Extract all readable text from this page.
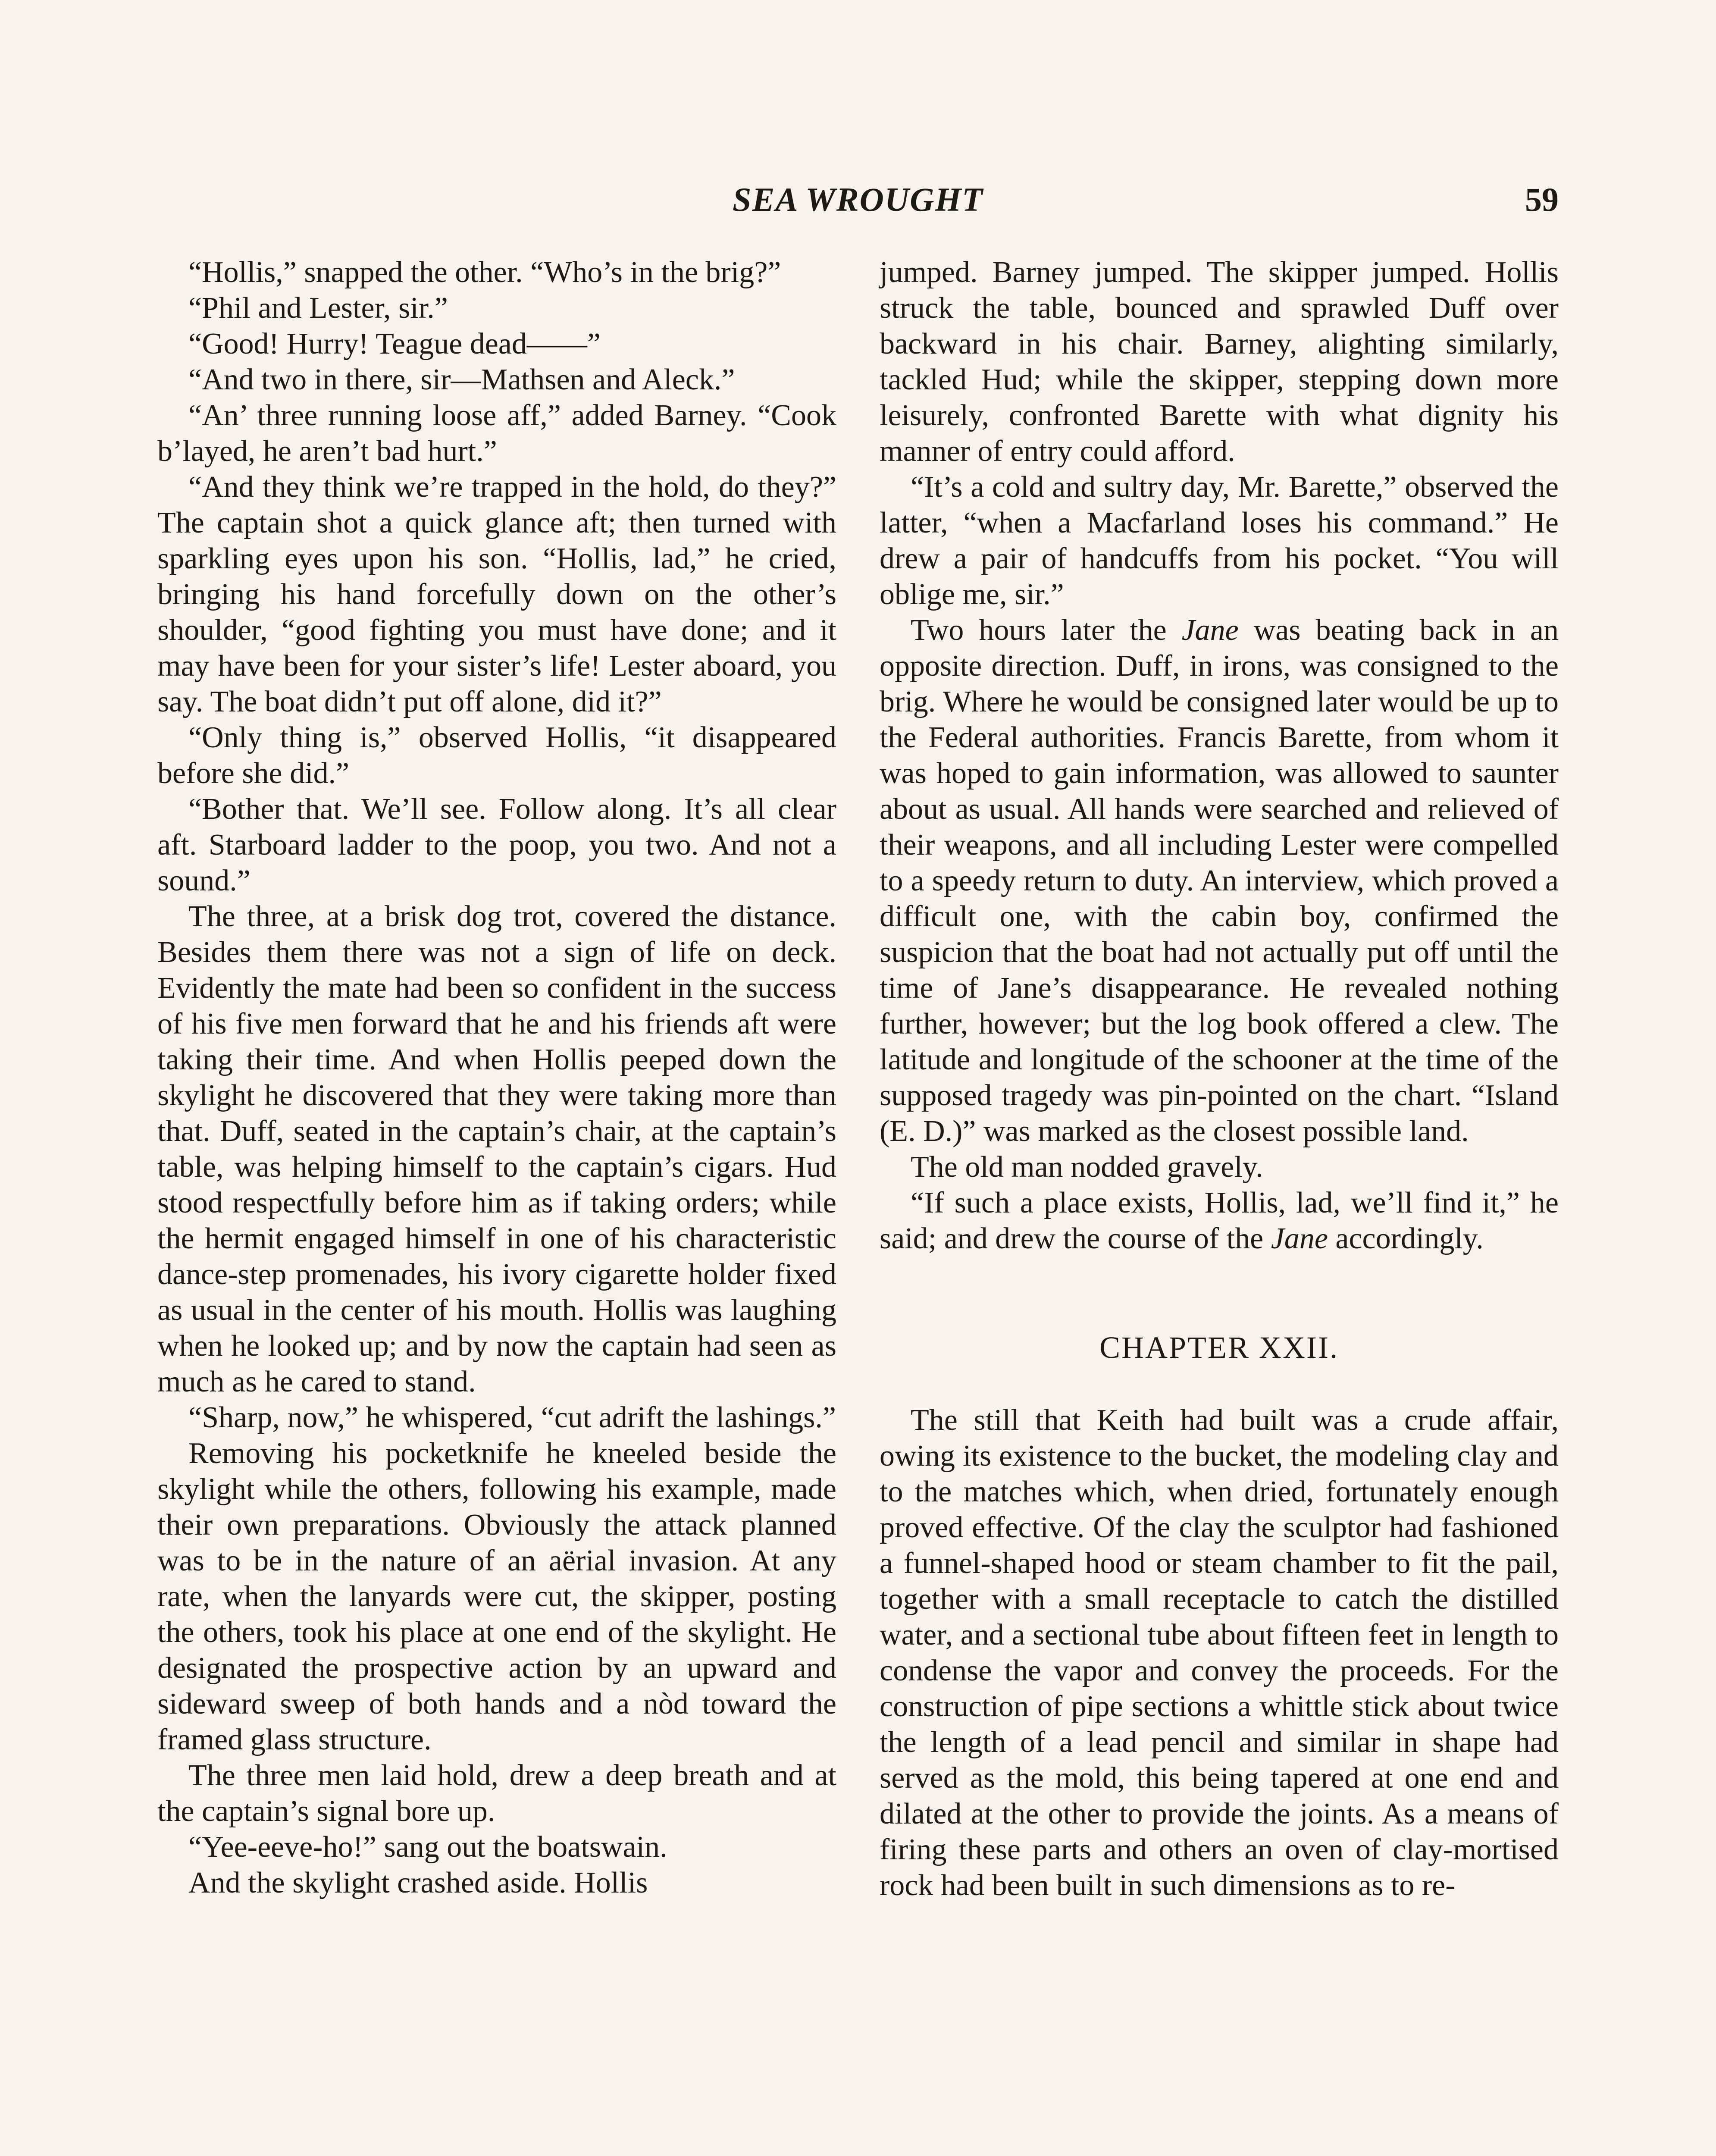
SEA WROUGHT	59

“Hollis,” snapped the other. “Who’s in the brig?”

“Phil and Lester, sir.”

“Good! Hurry! Teague dead——”

“And two in there, sir—Mathsen and Aleck.”

“An’ three running loose aff,” added Barney. “Cook b’layed, he aren’t bad hurt.”

“And they think we’re trapped in the hold, do they?” The captain shot a quick glance aft; then turned with sparkling eyes upon his son. “Hollis, lad,” he cried, bringing his hand forcefully down on the other’s shoulder, “good fighting you must have done; and it may have been for your sister’s life! Lester aboard, you say. The boat didn’t put off alone, did it?”

“Only thing is,” observed Hollis, “it disappeared before she did.”

“Bother that. We’ll see. Follow along. It’s all clear aft. Starboard ladder to the poop, you two. And not a sound.”

The three, at a brisk dog trot, covered the distance. Besides them there was not a sign of life on deck. Evidently the mate had been so confident in the success of his five men forward that he and his friends aft were taking their time. And when Hollis peeped down the skylight he discovered that they were taking more than that. Duff, seated in the captain’s chair, at the captain’s table, was helping himself to the captain’s cigars. Hud stood respectfully before him as if taking orders; while the hermit engaged himself in one of his characteristic dance-step promenades, his ivory cigarette holder fixed as usual in the center of his mouth. Hollis was laughing when he looked up; and by now the captain had seen as much as he cared to stand.

“Sharp, now,” he whispered, “cut adrift the lashings.”

Removing his pocketknife he kneeled beside the skylight while the others, following his example, made their own preparations. Obviously the attack planned was to be in the nature of an aërial invasion. At any rate, when the lanyards were cut, the skipper, posting the others, took his place at one end of the skylight. He designated the prospective action by an upward and sideward sweep of both hands and a nòd toward the framed glass structure.

The three men laid hold, drew a deep breath and at the captain’s signal bore up.

“Yee-eeve-ho!” sang out the boatswain.

And the skylight crashed aside. Hollis

jumped. Barney jumped. The skipper jumped. Hollis struck the table, bounced and sprawled Duff over backward in his chair. Barney, alighting similarly, tackled Hud; while the skipper, stepping down more leisurely, confronted Barette with what dignity his manner of entry could afford.

“It’s a cold and sultry day, Mr. Barette,” observed the latter, “when a Macfarland loses his command.” He drew a pair of handcuffs from his pocket. “You will oblige me, sir.”

Two hours later the Jane was beating back in an opposite direction. Duff, in irons, was consigned to the brig. Where he would be consigned later would be up to the Federal authorities. Francis Barette, from whom it was hoped to gain information, was allowed to saunter about as usual. All hands were searched and relieved of their weapons, and all including Lester were compelled to a speedy return to duty. An interview, which proved a difficult one, with the cabin boy, confirmed the suspicion that the boat had not actually put off until the time of Jane’s disappearance. He revealed nothing further, however; but the log book offered a clew. The latitude and longitude of the schooner at the time of the supposed tragedy was pin-pointed on the chart. “Island (E. D.)” was marked as the closest possible land.

The old man nodded gravely.

“If such a place exists, Hollis, lad, we’ll find it,” he said; and drew the course of the Jane accordingly.

CHAPTER XXII.

The still that Keith had built was a crude affair, owing its existence to the bucket, the modeling clay and to the matches which, when dried, fortunately enough proved effective. Of the clay the sculptor had fashioned a funnel-shaped hood or steam chamber to fit the pail, together with a small receptacle to catch the distilled water, and a sectional tube about fifteen feet in length to condense the vapor and convey the proceeds. For the construction of pipe sections a whittle stick about twice the length of a lead pencil and similar in shape had served as the mold, this being tapered at one end and dilated at the other to provide the joints. As a means of firing these parts and others an oven of clay-mortised rock had been built in such dimensions as to re-
